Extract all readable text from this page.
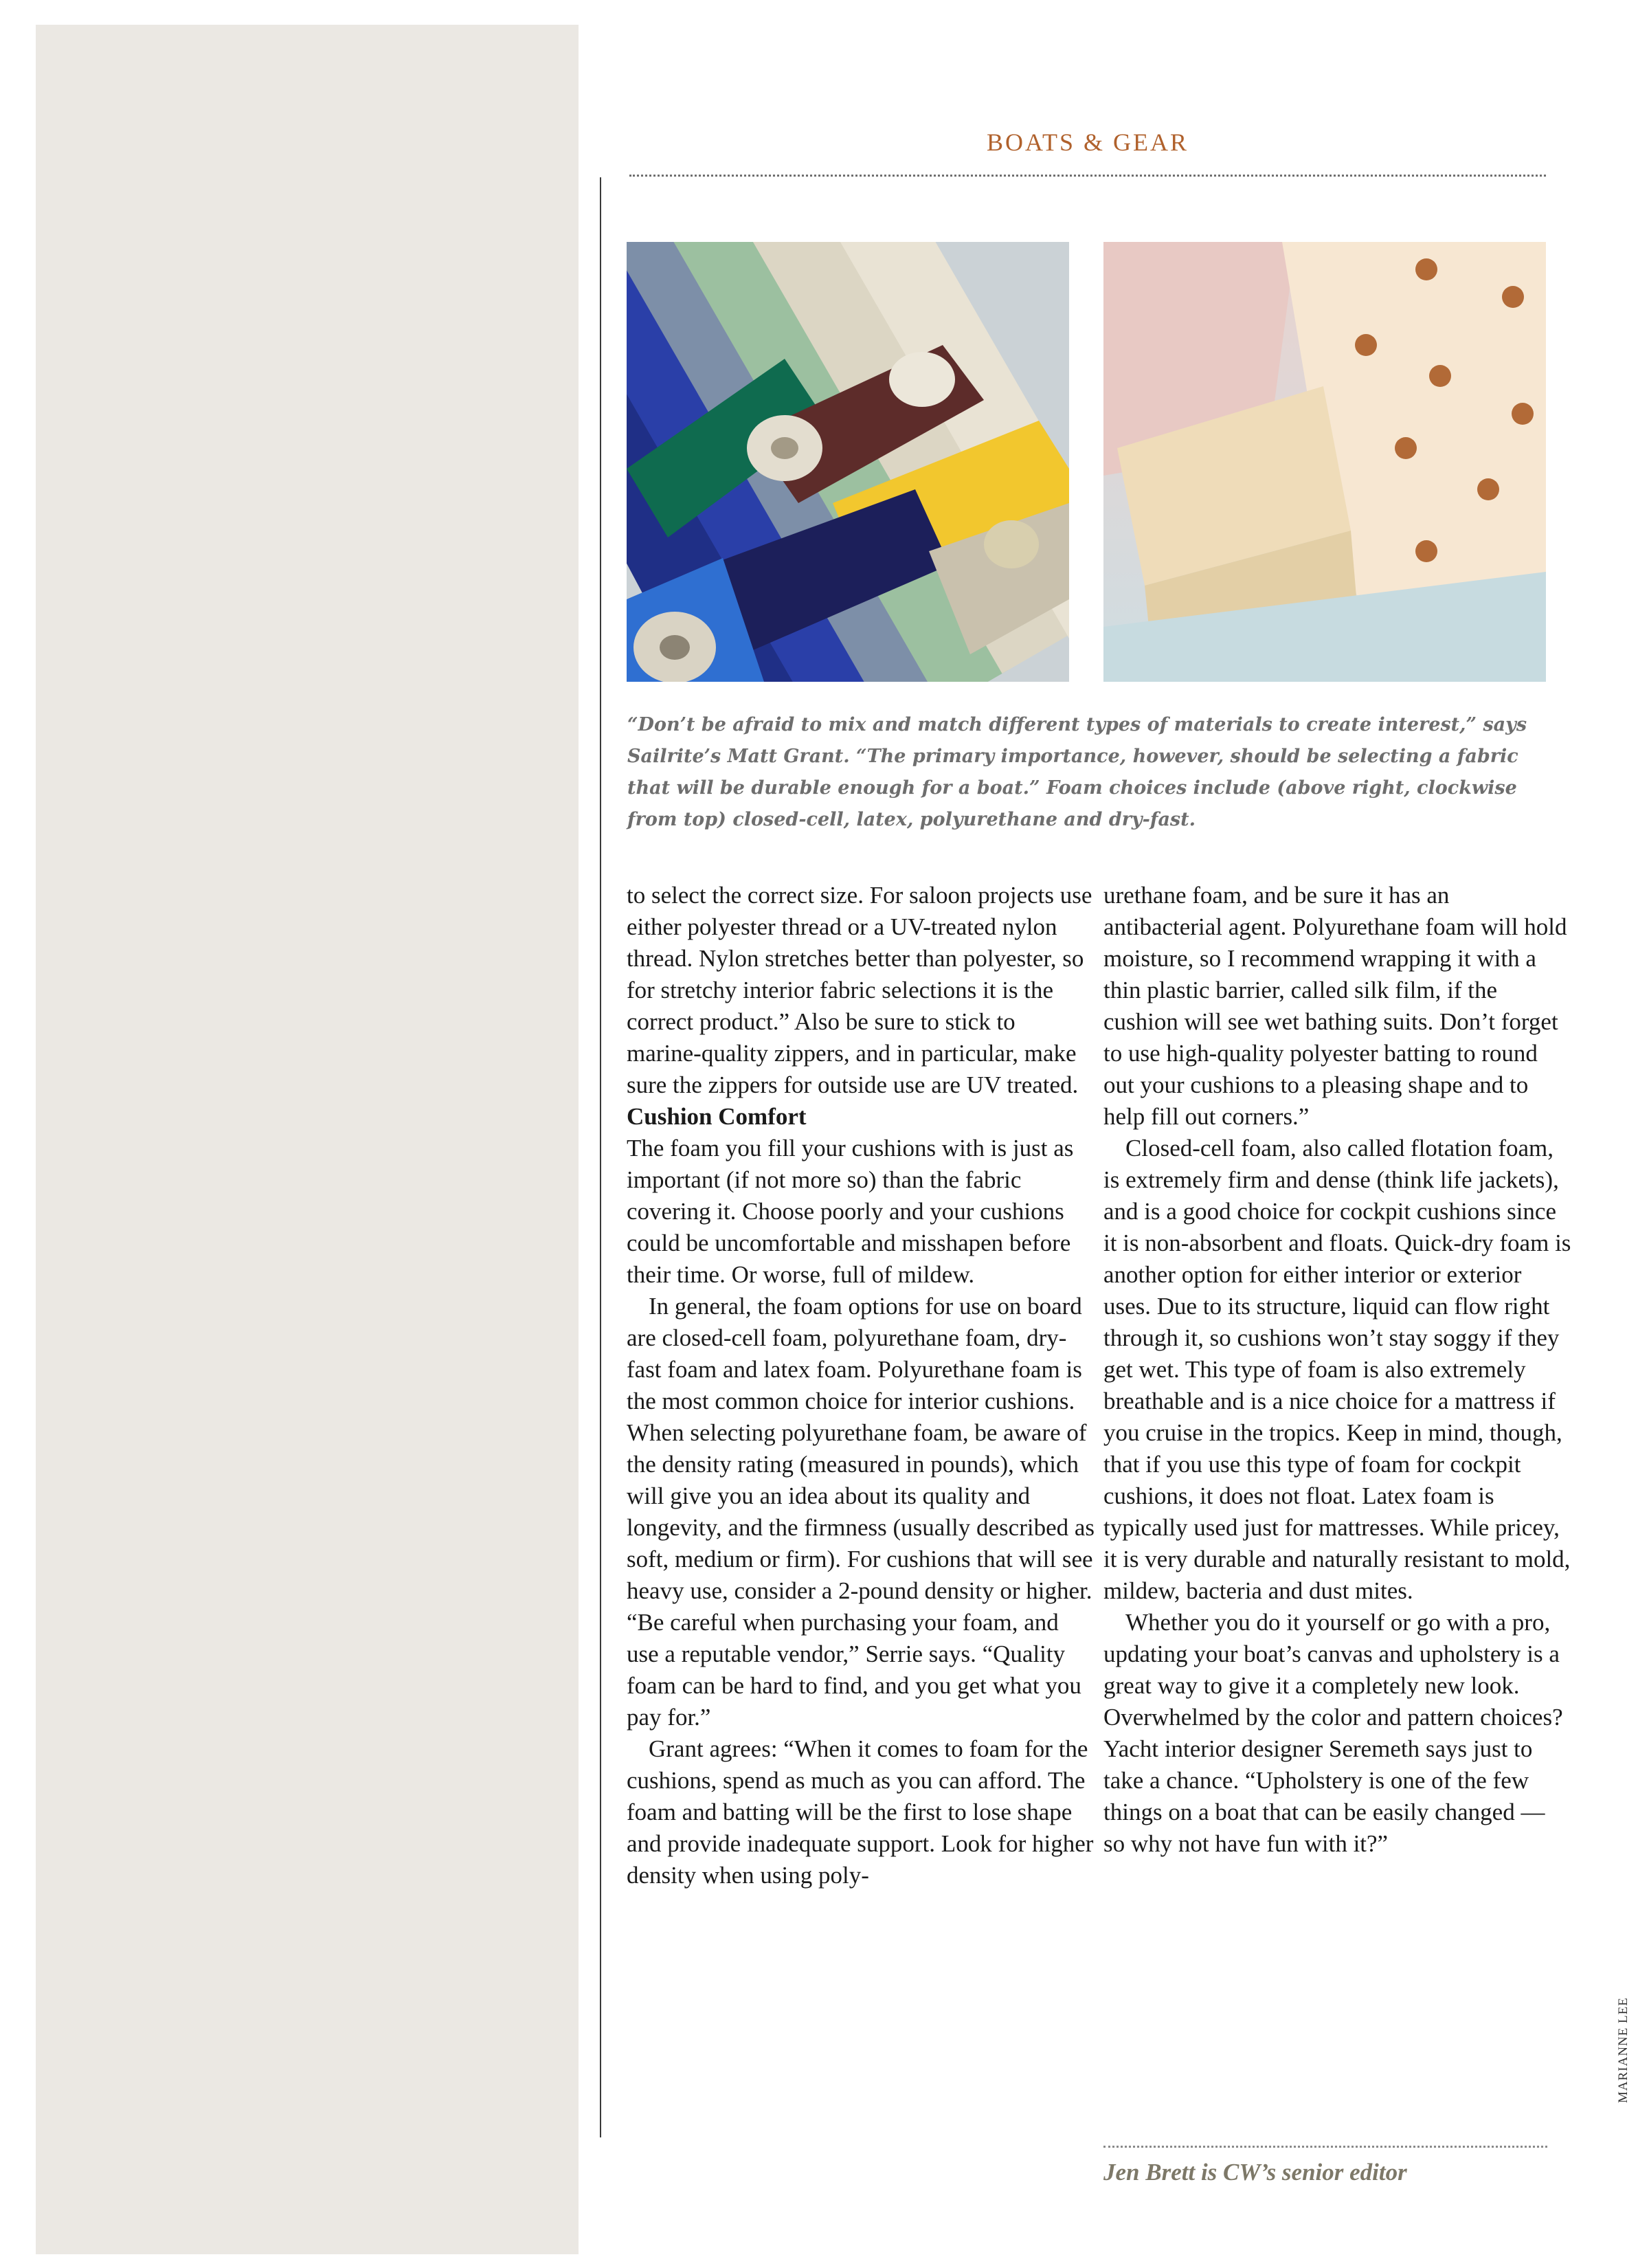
BOATS & GEAR

“Don’t be afraid to mix and match different types of materials to create interest,” says Sailrite’s Matt Grant. “The primary importance, however, should be selecting a fabric that will be durable enough for a boat.” Foam choices include (above right, clockwise from top) closed-cell, latex, polyurethane and dry-fast.

to select the correct size. For saloon projects use either polyester thread or a UV-treated nylon thread. Nylon stretches better than polyester, so for stretchy interior fabric selections it is the correct product.” Also be sure to stick to marine-quality zippers, and in particular, make sure the zippers for outside use are UV treated.

Cushion Comfort

The foam you fill your cushions with is just as important (if not more so) than the fabric covering it. Choose poorly and your cushions could be uncomfortable and misshapen before their time. Or worse, full of mildew.

In general, the foam options for use on board are closed-cell foam, polyurethane foam, dry-fast foam and latex foam. Polyurethane foam is the most common choice for interior cushions. When selecting polyurethane foam, be aware of the density rating (measured in pounds), which will give you an idea about its quality and longevity, and the firmness (usually described as soft, medium or firm). For cushions that will see heavy use, consider a 2-pound density or higher. “Be careful when purchasing your foam, and use a reputable vendor,” Serrie says. “Quality foam can be hard to find, and you get what you pay for.”

Grant agrees: “When it comes to foam for the cushions, spend as much as you can afford. The foam and batting will be the first to lose shape and provide inadequate support. Look for higher density when using poly-

urethane foam, and be sure it has an antibacterial agent. Polyurethane foam will hold moisture, so I recommend wrapping it with a thin plastic barrier, called silk film, if the cushion will see wet bathing suits. Don’t forget to use high-quality polyester batting to round out your cushions to a pleasing shape and to help fill out corners.”

Closed-cell foam, also called flotation foam, is extremely firm and dense (think life jackets), and is a good choice for cockpit cushions since it is non-absorbent and floats. Quick-dry foam is another option for either interior or exterior uses. Due to its structure, liquid can flow right through it, so cushions won’t stay soggy if they get wet. This type of foam is also extremely breathable and is a nice choice for a mattress if you cruise in the tropics. Keep in mind, though, that if you use this type of foam for cockpit cushions, it does not float. Latex foam is typically used just for mattresses. While pricey, it is very durable and naturally resistant to mold, mildew, bacteria and dust mites.

Whether you do it yourself or go with a pro, updating your boat’s canvas and upholstery is a great way to give it a completely new look. Overwhelmed by the color and pattern choices? Yacht interior designer Seremeth says just to take a chance. “Upholstery is one of the few things on a boat that can be easily changed — so why not have fun with it?”

Jen Brett is CW’s senior editor
MARIANNE LEE
